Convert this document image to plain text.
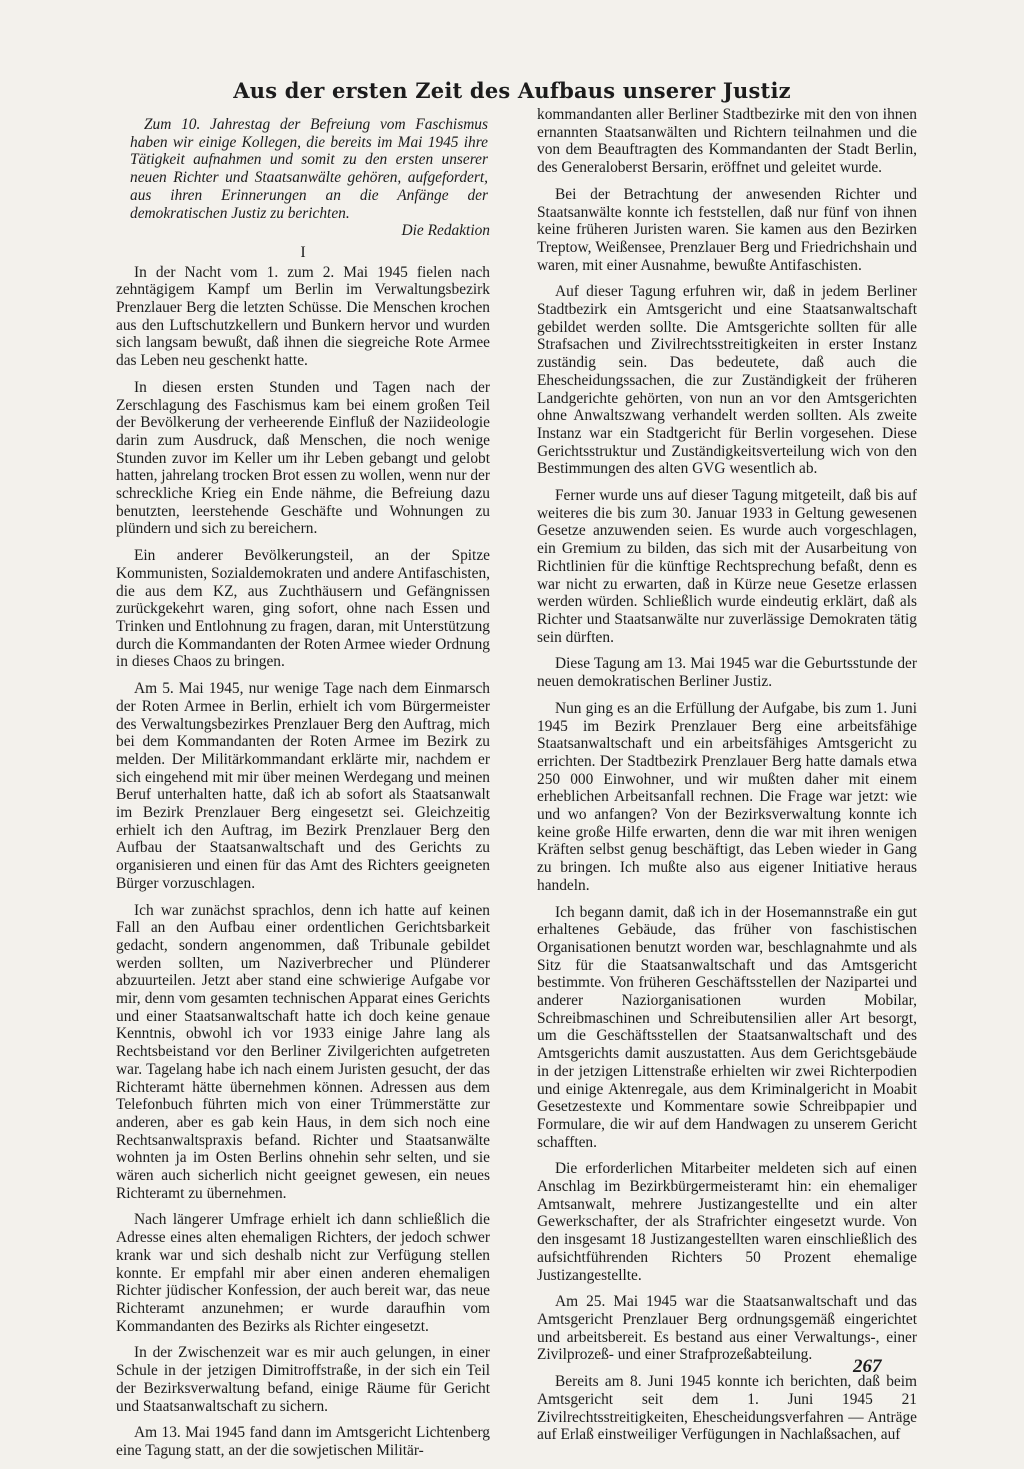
Aus der ersten Zeit des Aufbaus unserer Justiz

Zum 10. Jahrestag der Befreiung vom Faschismus haben wir einige Kollegen, die bereits im Mai 1945 ihre Tätigkeit aufnahmen und somit zu den ersten unserer neuen Richter und Staatsanwälte gehören, aufgefordert, aus ihren Erinnerungen an die Anfänge der demokratischen Justiz zu berichten.

Die Redaktion

I

In der Nacht vom 1. zum 2. Mai 1945 fielen nach zehntägigem Kampf um Berlin im Verwaltungsbezirk Prenzlauer Berg die letzten Schüsse. Die Menschen krochen aus den Luftschutzkellern und Bunkern hervor und wurden sich langsam bewußt, daß ihnen die siegreiche Rote Armee das Leben neu geschenkt hatte.

In diesen ersten Stunden und Tagen nach der Zerschlagung des Faschismus kam bei einem großen Teil der Bevölkerung der verheerende Einfluß der Naziideologie darin zum Ausdruck, daß Menschen, die noch wenige Stunden zuvor im Keller um ihr Leben gebangt und gelobt hatten, jahrelang trocken Brot essen zu wollen, wenn nur der schreckliche Krieg ein Ende nähme, die Befreiung dazu benutzten, leerstehende Geschäfte und Wohnungen zu plündern und sich zu bereichern.

Ein anderer Bevölkerungsteil, an der Spitze Kommunisten, Sozialdemokraten und andere Antifaschisten, die aus dem KZ, aus Zuchthäusern und Gefängnissen zurückgekehrt waren, ging sofort, ohne nach Essen und Trinken und Entlohnung zu fragen, daran, mit Unterstützung durch die Kommandanten der Roten Armee wieder Ordnung in dieses Chaos zu bringen.

Am 5. Mai 1945, nur wenige Tage nach dem Einmarsch der Roten Armee in Berlin, erhielt ich vom Bürgermeister des Verwaltungsbezirkes Prenzlauer Berg den Auftrag, mich bei dem Kommandanten der Roten Armee im Bezirk zu melden. Der Militärkommandant erklärte mir, nachdem er sich eingehend mit mir über meinen Werdegang und meinen Beruf unterhalten hatte, daß ich ab sofort als Staatsanwalt im Bezirk Prenzlauer Berg eingesetzt sei. Gleichzeitig erhielt ich den Auftrag, im Bezirk Prenzlauer Berg den Aufbau der Staatsanwaltschaft und des Gerichts zu organisieren und einen für das Amt des Richters geeigneten Bürger vorzuschlagen.

Ich war zunächst sprachlos, denn ich hatte auf keinen Fall an den Aufbau einer ordentlichen Gerichtsbarkeit gedacht, sondern angenommen, daß Tribunale gebildet werden sollten, um Naziverbrecher und Plünderer abzuurteilen. Jetzt aber stand eine schwierige Aufgabe vor mir, denn vom gesamten technischen Apparat eines Gerichts und einer Staatsanwaltschaft hatte ich doch keine genaue Kenntnis, obwohl ich vor 1933 einige Jahre lang als Rechtsbeistand vor den Berliner Zivilgerichten aufgetreten war. Tagelang habe ich nach einem Juristen gesucht, der das Richteramt hätte übernehmen können. Adressen aus dem Telefonbuch führten mich von einer Trümmerstätte zur anderen, aber es gab kein Haus, in dem sich noch eine Rechtsanwaltspraxis befand. Richter und Staatsanwälte wohnten ja im Osten Berlins ohnehin sehr selten, und sie wären auch sicherlich nicht geeignet gewesen, ein neues Richteramt zu übernehmen.

Nach längerer Umfrage erhielt ich dann schließlich die Adresse eines alten ehemaligen Richters, der jedoch schwer krank war und sich deshalb nicht zur Verfügung stellen konnte. Er empfahl mir aber einen anderen ehemaligen Richter jüdischer Konfession, der auch bereit war, das neue Richteramt anzunehmen; er wurde daraufhin vom Kommandanten des Bezirks als Richter eingesetzt.

In der Zwischenzeit war es mir auch gelungen, in einer Schule in der jetzigen Dimitroffstraße, in der sich ein Teil der Bezirksverwaltung befand, einige Räume für Gericht und Staatsanwaltschaft zu sichern.

Am 13. Mai 1945 fand dann im Amtsgericht Lichtenberg eine Tagung statt, an der die sowjetischen Militär-

kommandanten aller Berliner Stadtbezirke mit den von ihnen ernannten Staatsanwälten und Richtern teilnahmen und die von dem Beauftragten des Kommandanten der Stadt Berlin, des Generaloberst Bersarin, eröffnet und geleitet wurde.

Bei der Betrachtung der anwesenden Richter und Staatsanwälte konnte ich feststellen, daß nur fünf von ihnen keine früheren Juristen waren. Sie kamen aus den Bezirken Treptow, Weißensee, Prenzlauer Berg und Friedrichshain und waren, mit einer Ausnahme, bewußte Antifaschisten.

Auf dieser Tagung erfuhren wir, daß in jedem Berliner Stadtbezirk ein Amtsgericht und eine Staatsanwaltschaft gebildet werden sollte. Die Amtsgerichte sollten für alle Strafsachen und Zivilrechtsstreitigkeiten in erster Instanz zuständig sein. Das bedeutete, daß auch die Ehescheidungssachen, die zur Zuständigkeit der früheren Landgerichte gehörten, von nun an vor den Amtsgerichten ohne Anwaltszwang verhandelt werden sollten. Als zweite Instanz war ein Stadtgericht für Berlin vorgesehen. Diese Gerichtsstruktur und Zuständigkeitsverteilung wich von den Bestimmungen des alten GVG wesentlich ab.

Ferner wurde uns auf dieser Tagung mitgeteilt, daß bis auf weiteres die bis zum 30. Januar 1933 in Geltung gewesenen Gesetze anzuwenden seien. Es wurde auch vorgeschlagen, ein Gremium zu bilden, das sich mit der Ausarbeitung von Richtlinien für die künftige Rechtsprechung befaßt, denn es war nicht zu erwarten, daß in Kürze neue Gesetze erlassen werden würden. Schließlich wurde eindeutig erklärt, daß als Richter und Staatsanwälte nur zuverlässige Demokraten tätig sein dürften.

Diese Tagung am 13. Mai 1945 war die Geburtsstunde der neuen demokratischen Berliner Justiz.

Nun ging es an die Erfüllung der Aufgabe, bis zum 1. Juni 1945 im Bezirk Prenzlauer Berg eine arbeitsfähige Staatsanwaltschaft und ein arbeitsfähiges Amtsgericht zu errichten. Der Stadtbezirk Prenzlauer Berg hatte damals etwa 250 000 Einwohner, und wir mußten daher mit einem erheblichen Arbeitsanfall rechnen. Die Frage war jetzt: wie und wo anfangen? Von der Bezirksverwaltung konnte ich keine große Hilfe erwarten, denn die war mit ihren wenigen Kräften selbst genug beschäftigt, das Leben wieder in Gang zu bringen. Ich mußte also aus eigener Initiative heraus handeln.

Ich begann damit, daß ich in der Hosemannstraße ein gut erhaltenes Gebäude, das früher von faschistischen Organisationen benutzt worden war, beschlagnahmte und als Sitz für die Staatsanwaltschaft und das Amtsgericht bestimmte. Von früheren Geschäftsstellen der Nazipartei und anderer Naziorganisationen wurden Mobilar, Schreibmaschinen und Schreibutensilien aller Art besorgt, um die Geschäftsstellen der Staatsanwaltschaft und des Amtsgerichts damit auszustatten. Aus dem Gerichtsgebäude in der jetzigen Littenstraße erhielten wir zwei Richterpodien und einige Aktenregale, aus dem Kriminalgericht in Moabit Gesetzestexte und Kommentare sowie Schreibpapier und Formulare, die wir auf dem Handwagen zu unserem Gericht schafften.

Die erforderlichen Mitarbeiter meldeten sich auf einen Anschlag im Bezirkbürgermeisteramt hin: ein ehemaliger Amtsanwalt, mehrere Justizangestellte und ein alter Gewerkschafter, der als Strafrichter eingesetzt wurde. Von den insgesamt 18 Justizangestellten waren einschließlich des aufsichtführenden Richters 50 Prozent ehemalige Justizangestellte.

Am 25. Mai 1945 war die Staatsanwaltschaft und das Amtsgericht Prenzlauer Berg ordnungsgemäß eingerichtet und arbeitsbereit. Es bestand aus einer Verwaltungs-, einer Zivilprozeß- und einer Strafprozeßabteilung.

Bereits am 8. Juni 1945 konnte ich berichten, daß beim Amtsgericht seit dem 1. Juni 1945 21 Zivilrechtsstreitigkeiten, Ehescheidungsverfahren — Anträge auf Erlaß einstweiliger Verfügungen in Nachlaßsachen, auf

267
